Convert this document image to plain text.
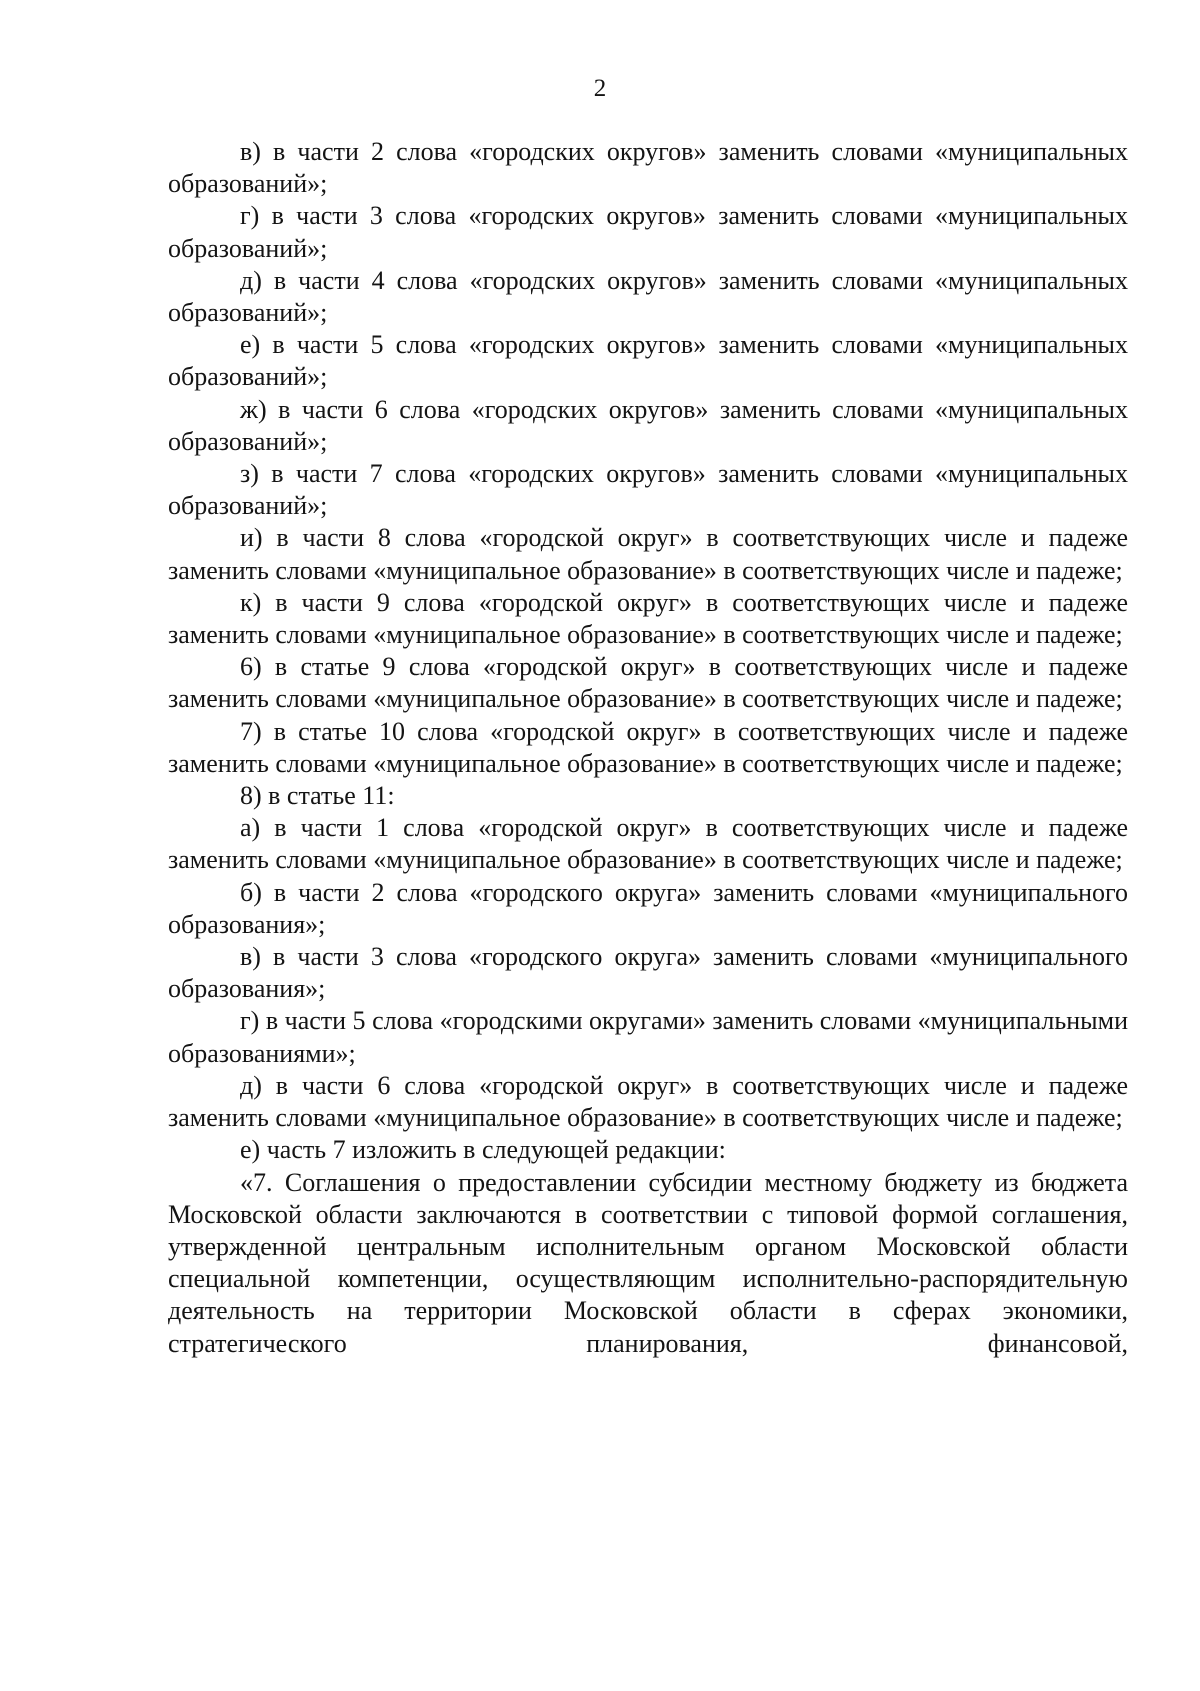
2

в) в части 2 слова «городских округов» заменить словами «муниципальных образований»;

г) в части 3 слова «городских округов» заменить словами «муниципальных образований»;

д) в части 4 слова «городских округов» заменить словами «муниципальных образований»;

е) в части 5 слова «городских округов» заменить словами «муниципальных образований»;

ж) в части 6 слова «городских округов» заменить словами «муниципальных образований»;

з) в части 7 слова «городских округов» заменить словами «муниципальных образований»;

и) в части 8 слова «городской округ» в соответствующих числе и падеже заменить словами «муниципальное образование» в соответствующих числе и падеже;

к) в части 9 слова «городской округ» в соответствующих числе и падеже заменить словами «муниципальное образование» в соответствующих числе и падеже;

6) в статье 9 слова «городской округ» в соответствующих числе и падеже заменить словами «муниципальное образование» в соответствующих числе и падеже;

7) в статье 10 слова «городской округ» в соответствующих числе и падеже заменить словами «муниципальное образование» в соответствующих числе и падеже;

8) в статье 11:

а) в части 1 слова «городской округ» в соответствующих числе и падеже заменить словами «муниципальное образование» в соответствующих числе и падеже;

б) в части 2 слова «городского округа» заменить словами «муниципального образования»;

в) в части 3 слова «городского округа» заменить словами «муниципального образования»;

г) в части 5 слова «городскими округами» заменить словами «муниципальными образованиями»;

д) в части 6 слова «городской округ» в соответствующих числе и падеже заменить словами «муниципальное образование» в соответствующих числе и падеже;

е) часть 7 изложить в следующей редакции:

«7. Соглашения о предоставлении субсидии местному бюджету из бюджета Московской области заключаются в соответствии с типовой формой соглашения, утвержденной центральным исполнительным органом Московской области специальной компетенции, осуществляющим исполнительно-распорядительную деятельность на территории Московской области в сферах экономики, стратегического планирования, финансовой,
